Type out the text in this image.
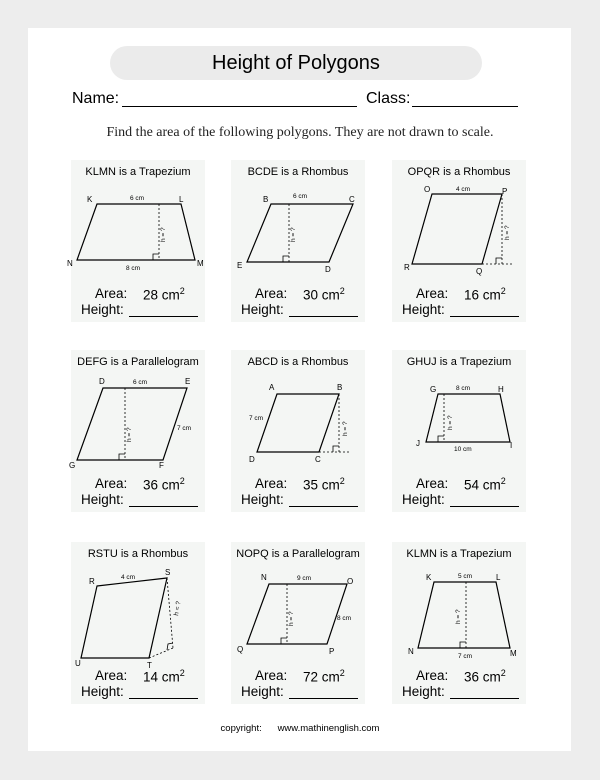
Height of Polygons
Name:	Class:
Find the area of the following polygons. They are not drawn to scale.
KLMN is a Trapezium
K	L
M
N
6 cm
8 cm
h = ?
Area: 28 $cm^2$
Height:
BCDE is a Rhombus
B	C
D
E
6 cm
h = ?
Area: 30 $cm^2$
Height:
OPQR is a Rhombus
O	P
Q
R
4 cm
h = ?
Area: 16 $cm^2$
Height:
DEFG is a Parallelogram
D	E
F
G
6 cm
7 cm
h = ?
Area: 36 $cm^2$
Height:
ABCD is a Rhombus
A	B
C
D
7 cm
h = ?
Area: 35 $cm^2$
Height:
GHUJ is a Trapezium
G	H
I
J
8 cm
10 cm
h = ?
Area: 54 $cm^2$
Height:
RSTU is a Rhombus
R
S
T
U
4 cm
h = ?
Area: 14 $cm^2$
Height:
NOPQ is a Parallelogram
N	O
P
Q
9 cm
8 cm
h = ?
Area: 72 $cm^2$
Height:
KLMN is a Trapezium
K	L
M
N
5 cm
7 cm
h = ?
Area: 36 $cm^2$
Height:
copyright: www.mathinenglish.com
